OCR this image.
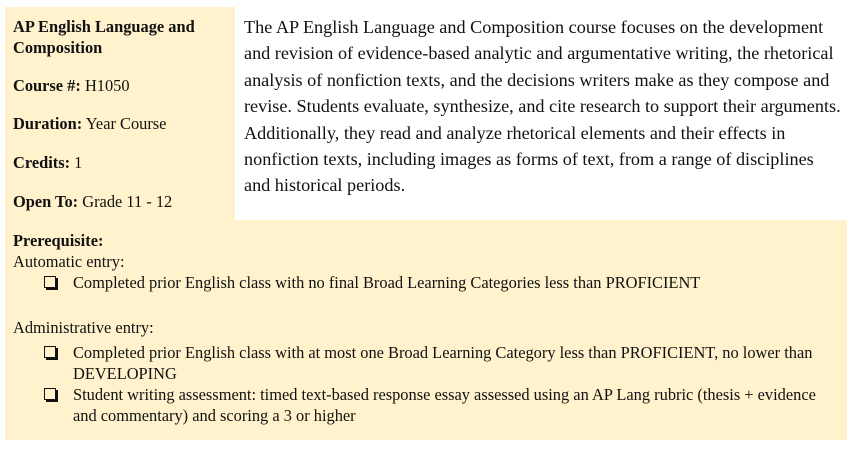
AP English Language and Composition
Course #: H1050
Duration: Year Course
Credits: 1
Open To: Grade 11 - 12

The AP English Language and Composition course focuses on the development and revision of evidence-based analytic and argumentative writing, the rhetorical analysis of nonfiction texts, and the decisions writers make as they compose and revise. Students evaluate, synthesize, and cite research to support their arguments. Additionally, they read and analyze rhetorical elements and their effects in nonfiction texts, including images as forms of text, from a range of disciplines and historical periods.

Prerequisite:
Automatic entry:
Completed prior English class with no final Broad Learning Categories less than PROFICIENT
Administrative entry:
Completed prior English class with at most one Broad Learning Category less than PROFICIENT, no lower than DEVELOPING
Student writing assessment: timed text-based response essay assessed using an AP Lang rubric (thesis + evidence and commentary) and scoring a 3 or higher
